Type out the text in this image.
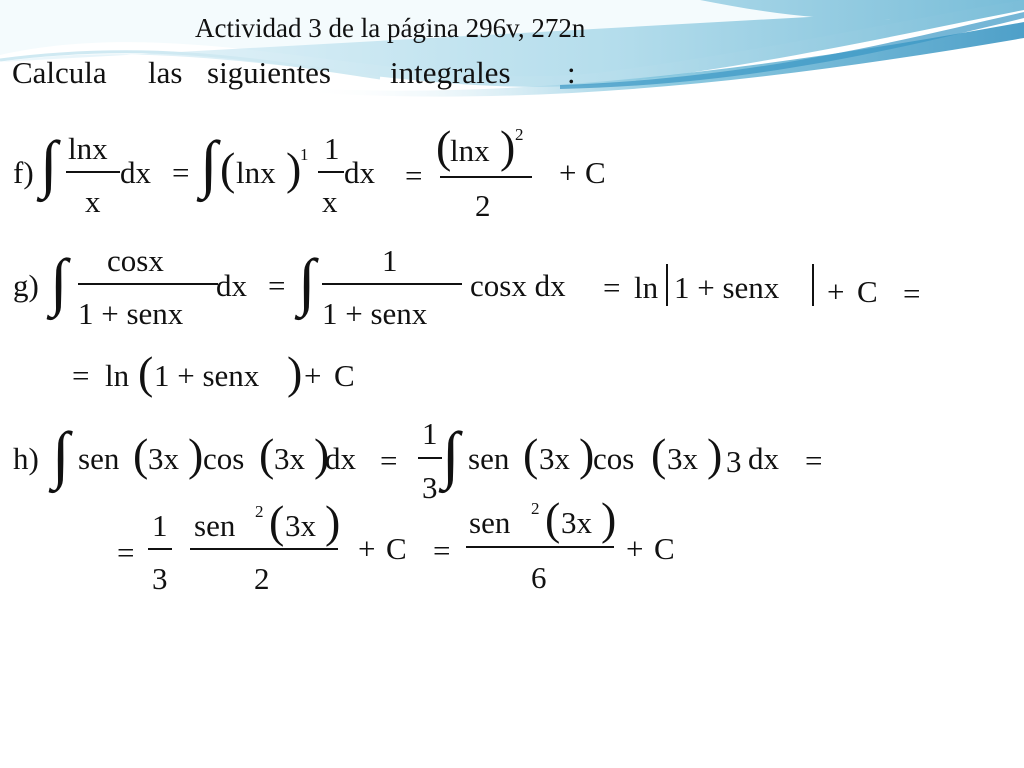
Actividad 3 de la página 296v, 272n
Calcula las siguientes integrales :
f) ∫ lnx
x
dx = ∫ ( lnx )
1 1
x
dx =
(
lnx ) 2
2
+ C
g) ∫ cosx
1 + senx
dx = ∫ 1
1 + senx
cosx dx = ln 1 + senx + C =
= ln ( 1 + senx ) + C
h) ∫ sen ( 3x ) cos ( 3x )
dx =
1
3 ∫ sen ( 3x )
cos ( 3x ) 3 dx =
=
1
3
sen 2 ( 3x )
2
+ C =
sen 2 ( 3x )
6
+ C
